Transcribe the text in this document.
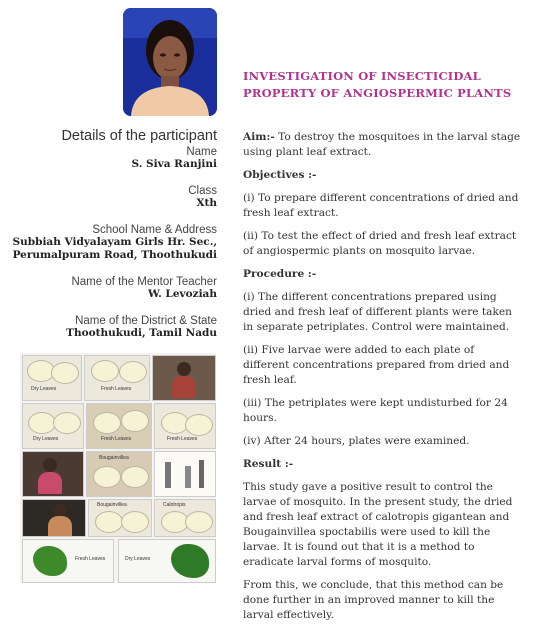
INVESTIGATION OF INSECTICIDAL PROPERTY OF ANGIOSPERMIC PLANTS
Details of the participant
Name
S. Siva Ranjini
Class
Xth
School Name & Address
Subbiah Vidyalayam Girls Hr. Sec.,
Perumalpuram Road, Thoothukudi
Name of the Mentor Teacher
W. Levoziah
Name of the District & State
Thoothukudi, Tamil Nadu

Aim:- To destroy the mosquitoes in the larval stage using plant leaf extract.

Objectives :-

(i) To prepare different concentrations of dried and fresh leaf extract.

(ii) To test the effect of dried and fresh leaf extract of angiospermic plants on mosquito larvae.

Procedure :-

(i) The different concentrations prepared using dried and fresh leaf of different plants were taken in separate petriplates. Control were maintained.

(ii) Five larvae were added to each plate of different concentrations prepared from dried and fresh leaf.

(iii) The petriplates were kept undisturbed for 24 hours.

(iv) After 24 hours, plates were examined.

Result :-

This study gave a positive result to control the larvae of mosquito. In the present study, the dried and fresh leaf extract of calotropis gigantean and Bougainvillea spoctabilis were used to kill the larvae. It is found out that it is a method to eradicate larval forms of mosquito.

From this, we conclude, that this method can be done further in an improved manner to kill the larval effectively.

Dry Leaves	Fresh Leaves
Dry Leaves	Fresh Leaves	Fresh Leaves
Bougainvillea
Bougainvillea	Calotropis
Fresh Leaves	Dry Leaves
